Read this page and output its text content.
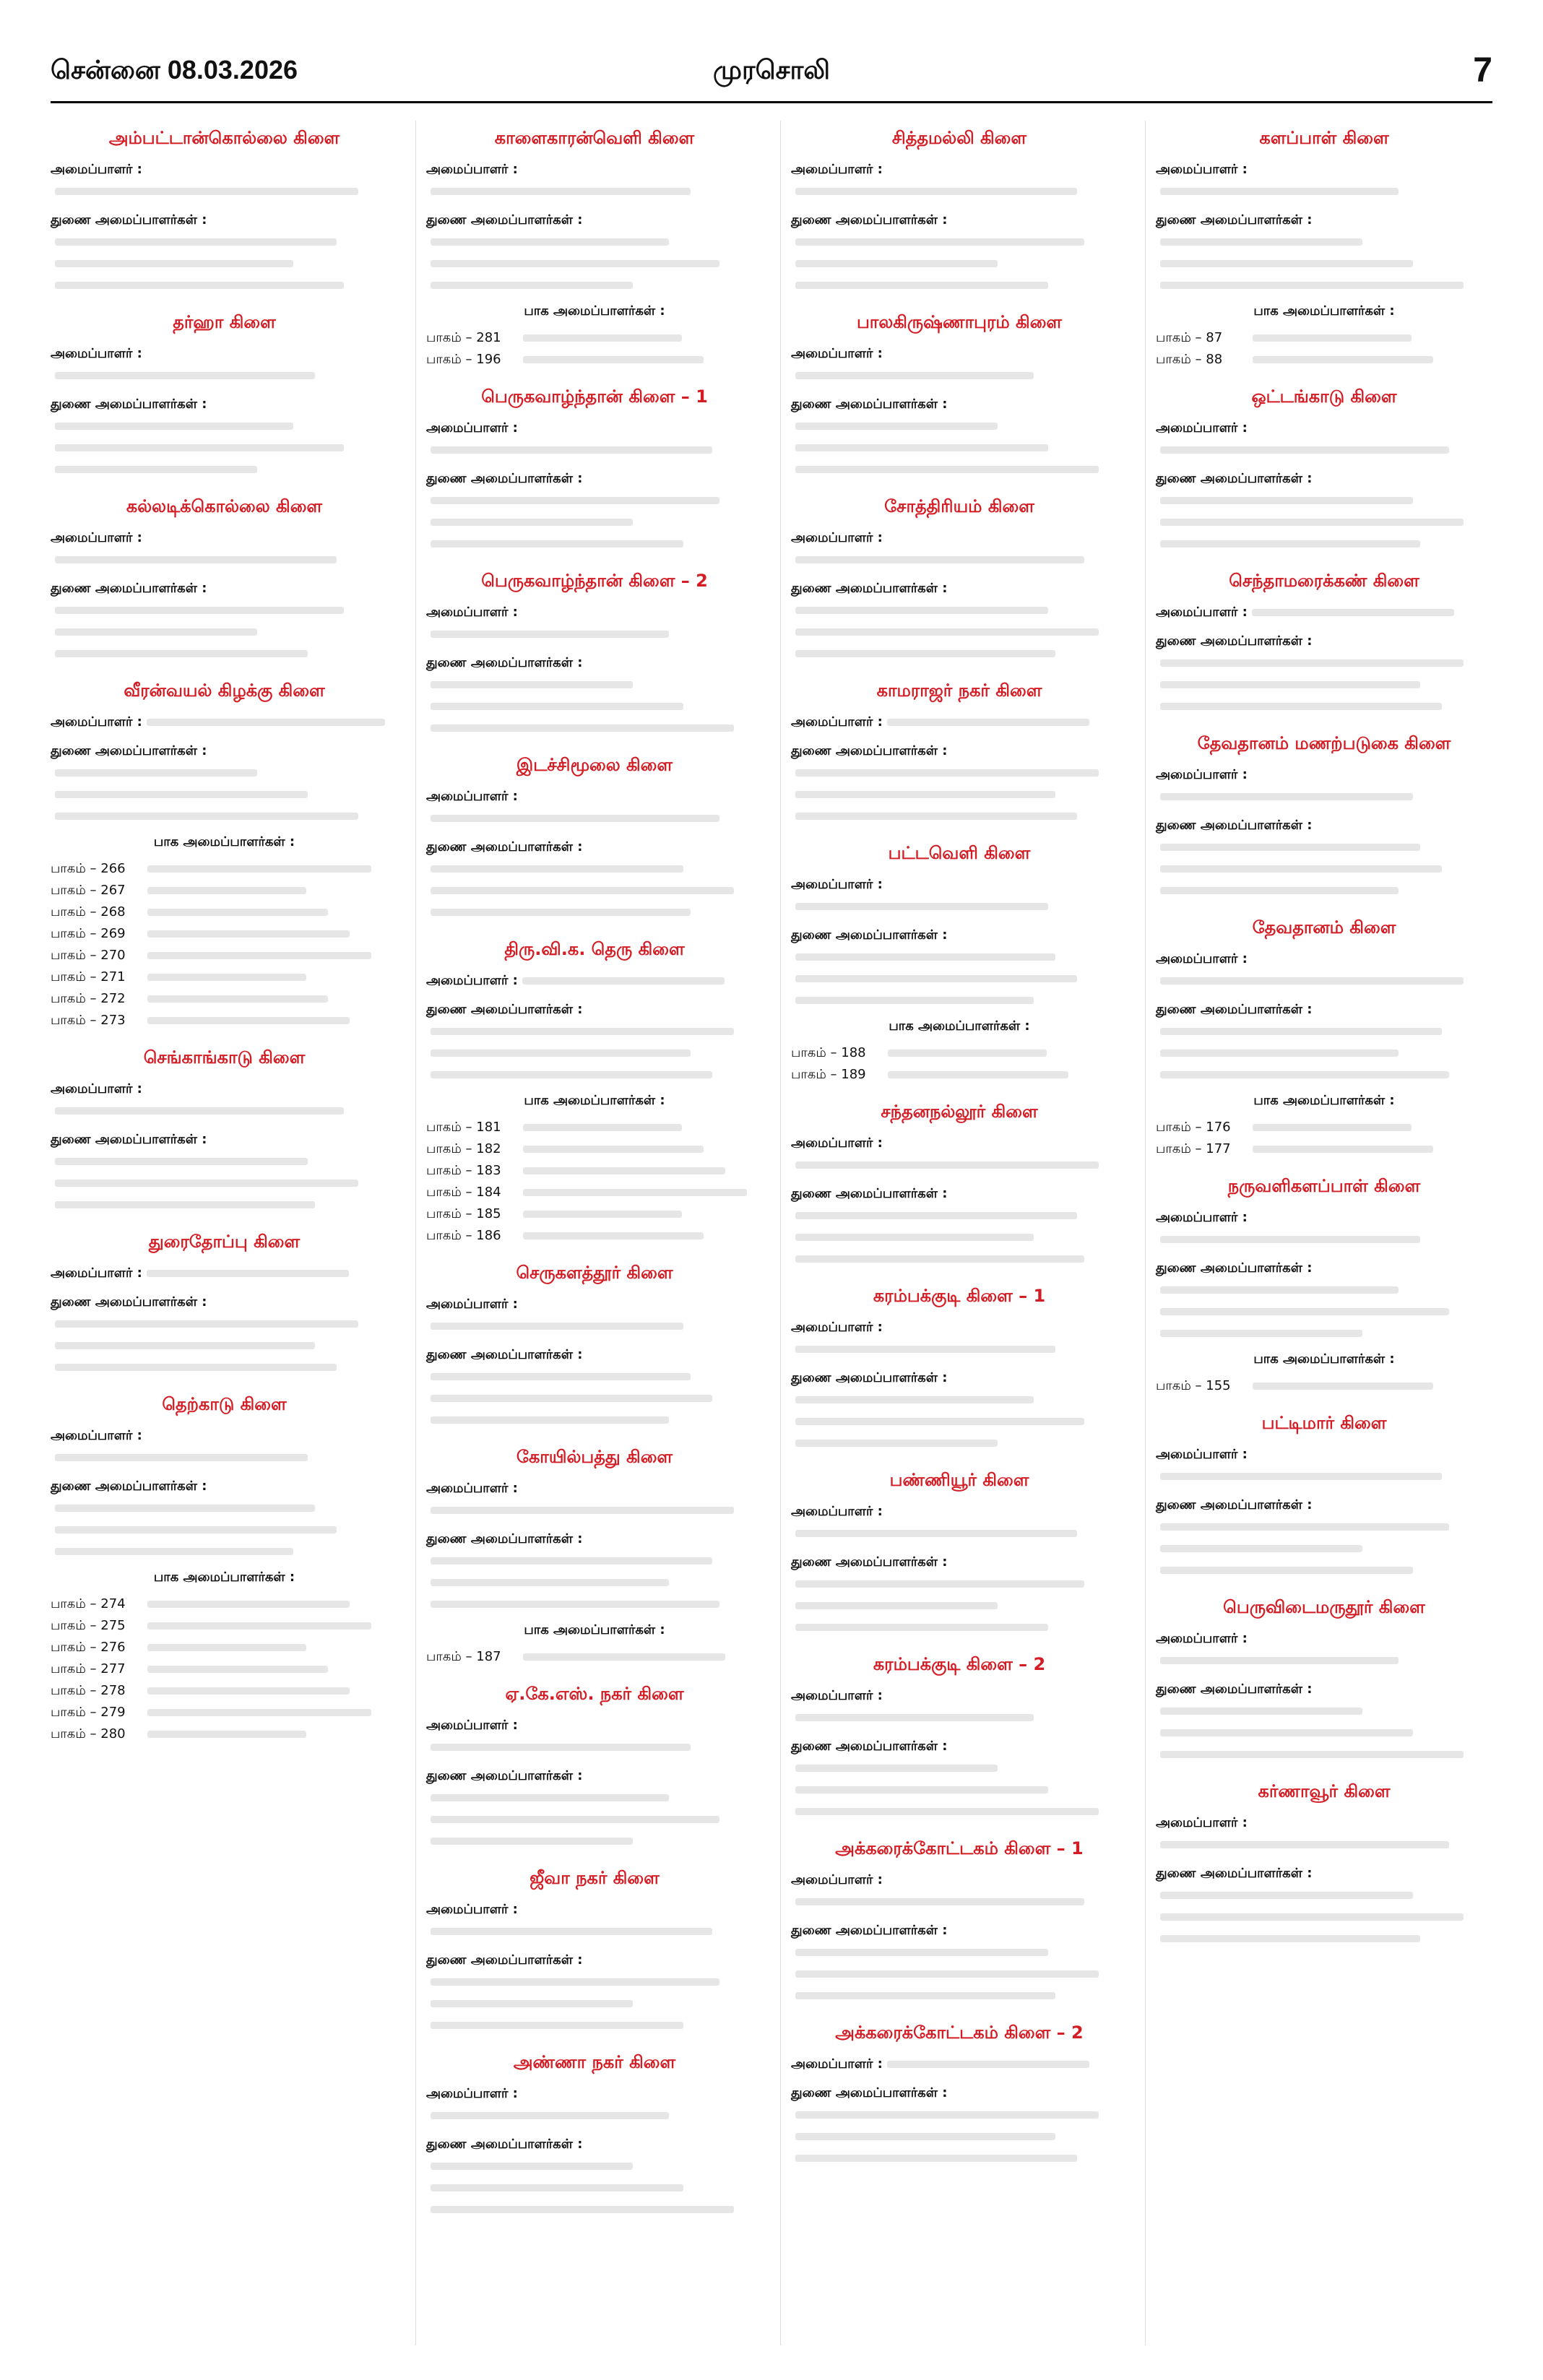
சென்னை 08.03.2026	முரசொலி	7
அம்பட்டான்கொல்லை கிளை

அமைப்பாளர் :

துணை அமைப்பாளர்கள் :

தர்ஹா கிளை

அமைப்பாளர் :

துணை அமைப்பாளர்கள் :

கல்லடிக்கொல்லை கிளை

அமைப்பாளர் :

துணை அமைப்பாளர்கள் :

வீரன்வயல் கிழக்கு கிளை

அமைப்பாளர் :

துணை அமைப்பாளர்கள் :

பாக அமைப்பாளர்கள் :
பாகம் – 266
பாகம் – 267
பாகம் – 268
பாகம் – 269
பாகம் – 270
பாகம் – 271
பாகம் – 272
பாகம் – 273
செங்காங்காடு கிளை

அமைப்பாளர் :

துணை அமைப்பாளர்கள் :

துரைதோப்பு கிளை

அமைப்பாளர் :

துணை அமைப்பாளர்கள் :

தெற்காடு கிளை

அமைப்பாளர் :

துணை அமைப்பாளர்கள் :

பாக அமைப்பாளர்கள் :
பாகம் – 274
பாகம் – 275
பாகம் – 276
பாகம் – 277
பாகம் – 278
பாகம் – 279
பாகம் – 280
காளைகாரன்வெளி கிளை

அமைப்பாளர் :

துணை அமைப்பாளர்கள் :

பாக அமைப்பாளர்கள் :
பாகம் – 281
பாகம் – 196
பெருகவாழ்ந்தான் கிளை – 1

அமைப்பாளர் :

துணை அமைப்பாளர்கள் :

பெருகவாழ்ந்தான் கிளை – 2

அமைப்பாளர் :

துணை அமைப்பாளர்கள் :

இடச்சிமூலை கிளை

அமைப்பாளர் :

துணை அமைப்பாளர்கள் :

திரு.வி.க. தெரு கிளை

அமைப்பாளர் :

துணை அமைப்பாளர்கள் :

பாக அமைப்பாளர்கள் :
பாகம் – 181
பாகம் – 182
பாகம் – 183
பாகம் – 184
பாகம் – 185
பாகம் – 186
செருகளத்தூர் கிளை

அமைப்பாளர் :

துணை அமைப்பாளர்கள் :

கோயில்பத்து கிளை

அமைப்பாளர் :

துணை அமைப்பாளர்கள் :

பாக அமைப்பாளர்கள் :
பாகம் – 187
ஏ.கே.எஸ். நகர் கிளை

அமைப்பாளர் :

துணை அமைப்பாளர்கள் :

ஜீவா நகர் கிளை

அமைப்பாளர் :

துணை அமைப்பாளர்கள் :

அண்ணா நகர் கிளை

அமைப்பாளர் :

துணை அமைப்பாளர்கள் :

சித்தமல்லி கிளை

அமைப்பாளர் :

துணை அமைப்பாளர்கள் :

பாலகிருஷ்ணாபுரம் கிளை

அமைப்பாளர் :

துணை அமைப்பாளர்கள் :

சோத்திரியம் கிளை

அமைப்பாளர் :

துணை அமைப்பாளர்கள் :

காமராஜர் நகர் கிளை

அமைப்பாளர் :

துணை அமைப்பாளர்கள் :

பட்டவெளி கிளை

அமைப்பாளர் :

துணை அமைப்பாளர்கள் :

பாக அமைப்பாளர்கள் :
பாகம் – 188
பாகம் – 189
சந்தனநல்லூர் கிளை

அமைப்பாளர் :

துணை அமைப்பாளர்கள் :

கரம்பக்குடி கிளை – 1

அமைப்பாளர் :

துணை அமைப்பாளர்கள் :

பண்ணியூர் கிளை

அமைப்பாளர் :

துணை அமைப்பாளர்கள் :

கரம்பக்குடி கிளை – 2

அமைப்பாளர் :

துணை அமைப்பாளர்கள் :

அக்கரைக்கோட்டகம் கிளை – 1

அமைப்பாளர் :

துணை அமைப்பாளர்கள் :

அக்கரைக்கோட்டகம் கிளை – 2

அமைப்பாளர் :

துணை அமைப்பாளர்கள் :

களப்பாள் கிளை

அமைப்பாளர் :

துணை அமைப்பாளர்கள் :

பாக அமைப்பாளர்கள் :
பாகம் – 87
பாகம் – 88
ஒட்டங்காடு கிளை

அமைப்பாளர் :

துணை அமைப்பாளர்கள் :

செந்தாமரைக்கண் கிளை

அமைப்பாளர் :

துணை அமைப்பாளர்கள் :

தேவதானம் மணற்படுகை கிளை

அமைப்பாளர் :

துணை அமைப்பாளர்கள் :

தேவதானம் கிளை

அமைப்பாளர் :

துணை அமைப்பாளர்கள் :

பாக அமைப்பாளர்கள் :
பாகம் – 176
பாகம் – 177
நருவளிகளப்பாள் கிளை

அமைப்பாளர் :

துணை அமைப்பாளர்கள் :

பாக அமைப்பாளர்கள் :
பாகம் – 155
பட்டிமார் கிளை

அமைப்பாளர் :

துணை அமைப்பாளர்கள் :

பெருவிடைமருதூர் கிளை

அமைப்பாளர் :

துணை அமைப்பாளர்கள் :

கர்ணாவூர் கிளை

அமைப்பாளர் :

துணை அமைப்பாளர்கள் :
